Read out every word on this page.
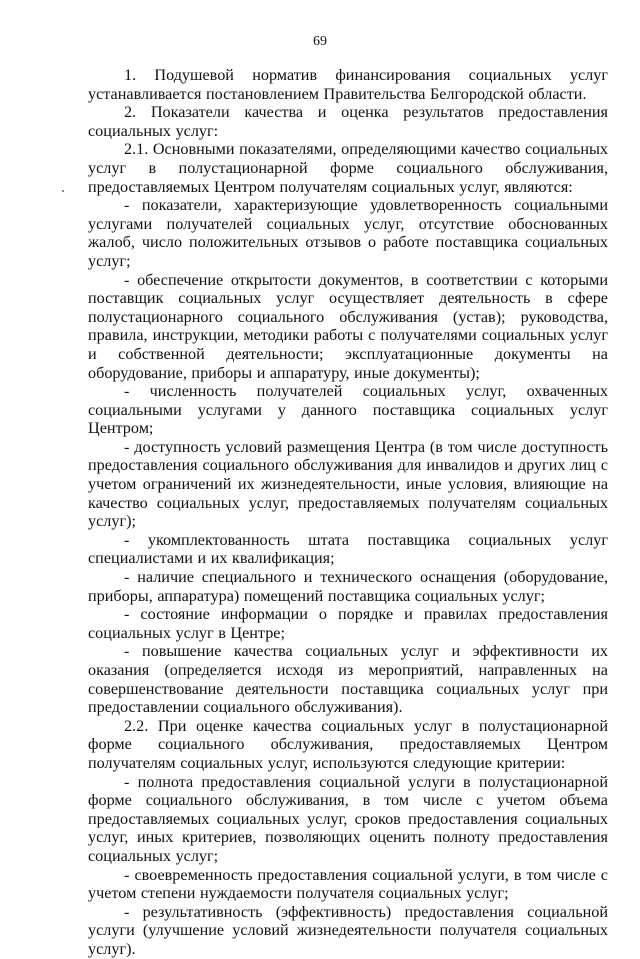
69

1. Подушевой норматив финансирования социальных услуг устанавливается постановлением Правительства Белгородской области.

2. Показатели качества и оценка результатов предоставления социальных услуг:

2.1. Основными показателями, определяющими качество социальных услуг в полустационарной форме социального обслуживания, предоставляемых Центром получателям социальных услуг, являются:

- показатели, характеризующие удовлетворенность социальными услугами получателей социальных услуг, отсутствие обоснованных жалоб, число положительных отзывов о работе поставщика социальных услуг;

- обеспечение открытости документов, в соответствии с которыми поставщик социальных услуг осуществляет деятельность в сфере полустационарного социального обслуживания (устав); руководства, правила, инструкции, методики работы с получателями социальных услуг и собственной деятельности; эксплуатационные документы на оборудование, приборы и аппаратуру, иные документы);

- численность получателей социальных услуг, охваченных социальными услугами у данного поставщика социальных услуг Центром;

- доступность условий размещения Центра (в том числе доступность предоставления социального обслуживания для инвалидов и других лиц с учетом ограничений их жизнедеятельности, иные условия, влияющие на качество социальных услуг, предоставляемых получателям социальных услуг);

- укомплектованность штата поставщика социальных услуг специалистами и их квалификация;

- наличие специального и технического оснащения (оборудование, приборы, аппаратура) помещений поставщика социальных услуг;

- состояние информации о порядке и правилах предоставления социальных услуг в Центре;

- повышение качества социальных услуг и эффективности их оказания (определяется исходя из мероприятий, направленных на совершенствование деятельности поставщика социальных услуг при предоставлении социального обслуживания).

2.2. При оценке качества социальных услуг в полустационарной форме социального обслуживания, предоставляемых Центром получателям социальных услуг, используются следующие критерии:

- полнота предоставления социальной услуги в полустационарной форме социального обслуживания, в том числе с учетом объема предоставляемых социальных услуг, сроков предоставления социальных услуг, иных критериев, позволяющих оценить полноту предоставления социальных услуг;

- своевременность предоставления социальной услуги, в том числе с учетом степени нуждаемости получателя социальных услуг;

- результативность (эффективность) предоставления социальной услуги (улучшение условий жизнедеятельности получателя социальных услуг).
